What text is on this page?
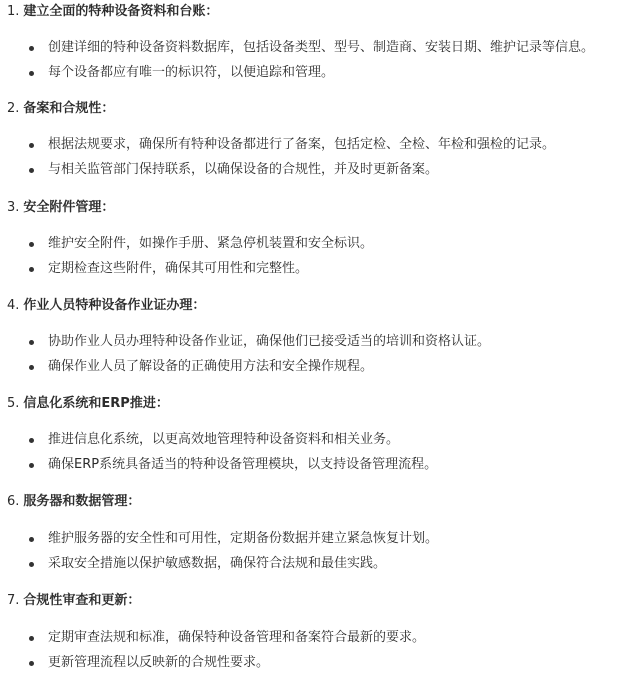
1. 建立全面的特种设备资料和台账：
创建详细的特种设备资料数据库，包括设备类型、型号、制造商、安装日期、维护记录等信息。
每个设备都应有唯一的标识符，以便追踪和管理。
2. 备案和合规性：
根据法规要求，确保所有特种设备都进行了备案，包括定检、全检、年检和强检的记录。
与相关监管部门保持联系，以确保设备的合规性，并及时更新备案。
3. 安全附件管理：
维护安全附件，如操作手册、紧急停机装置和安全标识。
定期检查这些附件，确保其可用性和完整性。
4. 作业人员特种设备作业证办理：
协助作业人员办理特种设备作业证，确保他们已接受适当的培训和资格认证。
确保作业人员了解设备的正确使用方法和安全操作规程。
5. 信息化系统和ERP推进：
推进信息化系统，以更高效地管理特种设备资料和相关业务。
确保ERP系统具备适当的特种设备管理模块，以支持设备管理流程。
6. 服务器和数据管理：
维护服务器的安全性和可用性，定期备份数据并建立紧急恢复计划。
采取安全措施以保护敏感数据，确保符合法规和最佳实践。
7. 合规性审查和更新：
定期审查法规和标准，确保特种设备管理和备案符合最新的要求。
更新管理流程以反映新的合规性要求。
